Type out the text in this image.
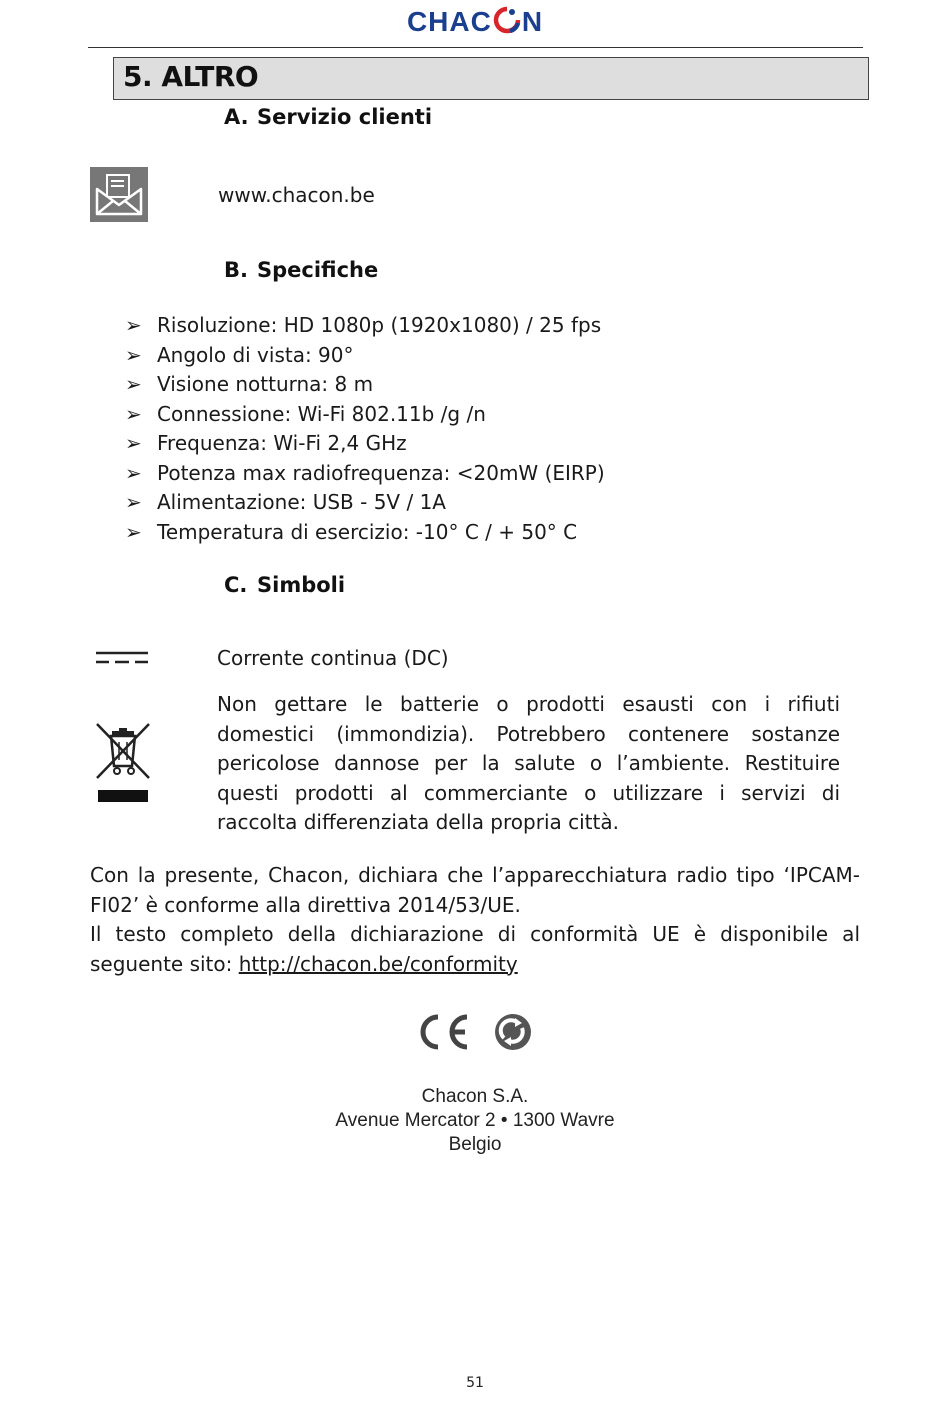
CHAC N
5. ALTRO
A. Servizio clienti
www.chacon.be
B. Specifiche
➢ Risoluzione: HD 1080p (1920x1080) / 25 fps
➢ Angolo di vista: 90°
➢ Visione notturna: 8 m
➢ Connessione: Wi-Fi 802.11b /g /n
➢ Frequenza: Wi-Fi 2,4 GHz
➢ Potenza max radiofrequenza: <20mW (EIRP)
➢ Alimentazione: USB - 5V / 1A
➢ Temperatura di esercizio: -10° C / + 50° C
C. Simboli
Corrente continua (DC)
Non gettare le batterie o prodotti esausti con i rifiuti domestici (immondizia). Potrebbero contenere sostanze pericolose dannose per la salute o l’ambiente. Restituire questi prodotti al commerciante o utilizzare i servizi di raccolta differenziata della propria città.
Con la presente, Chacon, dichiara che l’apparecchiatura radio tipo ‘IPCAM-FI02’ è conforme alla direttiva 2014/53/UE.
Il testo completo della dichiarazione di conformità UE è disponibile al seguente sito: http://chacon.be/conformity
Chacon S.A.
Avenue Mercator 2 • 1300 Wavre
Belgio
51
